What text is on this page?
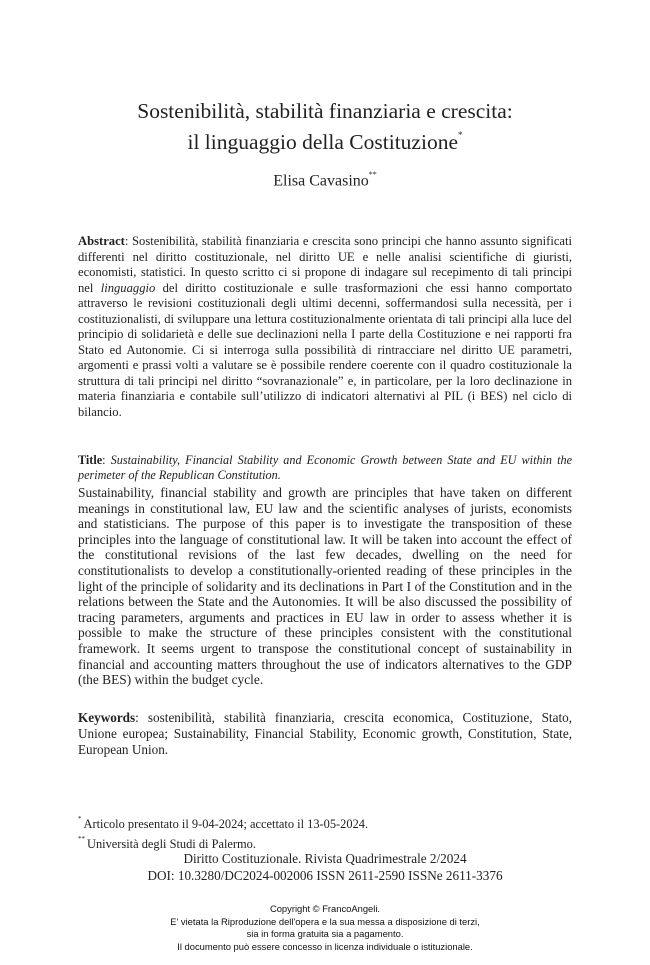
Sostenibilità, stabilità finanziaria e crescita:
il linguaggio della Costituzione*
Elisa Cavasino**
Abstract: Sostenibilità, stabilità finanziaria e crescita sono principi che hanno assunto significati differenti nel diritto costituzionale, nel diritto UE e nelle analisi scientifiche di giuristi, economisti, statistici. In questo scritto ci si propone di indagare sul recepimento di tali principi nel linguaggio del diritto costituzionale e sulle trasformazioni che essi hanno comportato attraverso le revisioni costituzionali degli ultimi decenni, soffermandosi sulla necessità, per i costituzionalisti, di sviluppare una lettura costituzionalmente orientata di tali principi alla luce del principio di solidarietà e delle sue declinazioni nella I parte della Costituzione e nei rapporti fra Stato ed Autonomie. Ci si interroga sulla possibilità di rintracciare nel diritto UE parametri, argomenti e prassi volti a valutare se è possibile rendere coerente con il quadro costituzionale la struttura di tali principi nel diritto “sovranazionale” e, in particolare, per la loro declinazione in materia finanziaria e contabile sull’utilizzo di indicatori alternativi al PIL (i BES) nel ciclo di bilancio.
Title: Sustainability, Financial Stability and Economic Growth between State and EU within the perimeter of the Republican Constitution.
Sustainability, financial stability and growth are principles that have taken on different meanings in constitutional law, EU law and the scientific analyses of jurists, economists and statisticians. The purpose of this paper is to investigate the transposition of these principles into the language of constitutional law. It will be taken into account the effect of the constitutional revisions of the last few decades, dwelling on the need for constitutionalists to develop a constitutionally-oriented reading of these principles in the light of the principle of solidarity and its declinations in Part I of the Constitution and in the relations between the State and the Autonomies. It will be also discussed the possibility of tracing parameters, arguments and practices in EU law in order to assess whether it is possible to make the structure of these principles consistent with the constitutional framework. It seems urgent to transpose the constitutional concept of sustainability in financial and accounting matters throughout the use of indicators alternatives to the GDP (the BES) within the budget cycle.
Keywords: sostenibilità, stabilità finanziaria, crescita economica, Costituzione, Stato, Unione europea; Sustainability, Financial Stability, Economic growth, Constitution, State, European Union.
* Articolo presentato il 9-04-2024; accettato il 13-05-2024.
** Università degli Studi di Palermo.
Diritto Costituzionale. Rivista Quadrimestrale 2/2024
DOI: 10.3280/DC2024-002006 ISSN 2611-2590 ISSNe 2611-3376
Copyright © FrancoAngeli.
E' vietata la Riproduzione dell'opera e la sua messa a disposizione di terzi,
sia in forma gratuita sia a pagamento.
Il documento può essere concesso in licenza individuale o istituzionale.
